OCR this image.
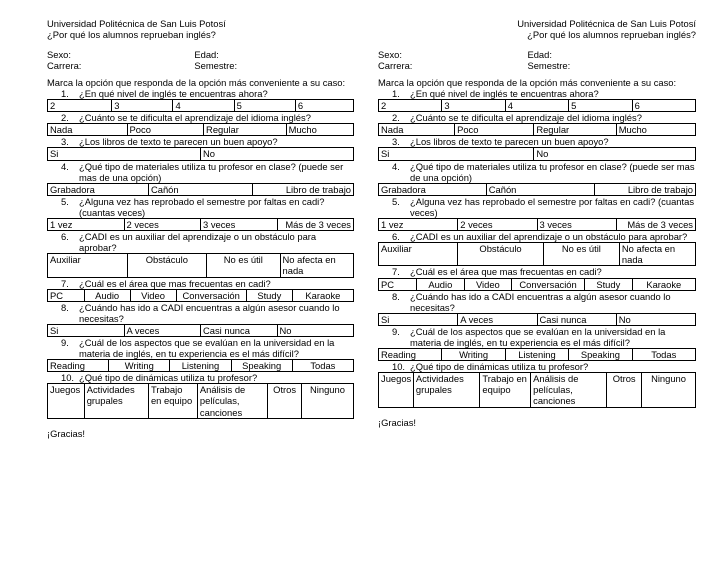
Universidad Politécnica de San Luis Potosí
¿Por qué los alumnos reprueban inglés?
Sexo:	Edad:
Carrera:	Semestre:
Marca la opción que responda de la opción más conveniente a su caso:
1.	¿En qué nivel de inglés te encuentras ahora?
2	3	4	5	6
2.	¿Cuánto se te dificulta el aprendizaje del idioma inglés?
Nada	Poco	Regular	Mucho
3.	¿Los libros de texto te parecen un buen apoyo?
Si	No
4.	¿Qué tipo de materiales utiliza tu profesor en clase? (puede ser mas de una opción)
Grabadora	Cañón	Libro de trabajo
5.	¿Alguna vez has reprobado el semestre por faltas en cadi? (cuantas veces)
1 vez	2 veces	3 veces	Más de 3 veces
6.	¿CADI es un auxiliar del aprendizaje o un obstáculo para aprobar?
Auxiliar	Obstáculo	No es útil	No afecta en nada
7.	¿Cuál es el área que mas frecuentas en cadi?
PC	Audio	Video	Conversación	Study	Karaoke
8.	¿Cuándo has ido a CADI encuentras a algún asesor cuando lo necesitas?
Si	A veces	Casi nunca	No
9.	¿Cuál de los aspectos que se evalúan en la universidad en la materia de inglés, en tu experiencia es el más difícil?
Reading	Writing	Listening	Speaking	Todas
10. ¿Qué tipo de dinámicas utiliza tu profesor?
Juegos	Actividades grupales	Trabajo en equipo	Análisis de películas, canciones	Otros	Ninguno
¡Gracias!
Universidad Politécnica de San Luis Potosí
¿Por qué los alumnos reprueban inglés?
Sexo:	Edad:
Carrera:	Semestre:
Marca la opción que responda de la opción más conveniente a su caso:
1.	¿En qué nivel de inglés te encuentras ahora?
2	3	4	5	6
2.	¿Cuánto se te dificulta el aprendizaje del idioma inglés?
Nada	Poco	Regular	Mucho
3.	¿Los libros de texto te parecen un buen apoyo?
Si	No
4.	¿Qué tipo de materiales utiliza tu profesor en clase? (puede ser mas de una opción)
Grabadora	Cañón	Libro de trabajo
5.	¿Alguna vez has reprobado el semestre por faltas en cadi? (cuantas veces)
1 vez	2 veces	3 veces	Más de 3 veces
6.	¿CADI es un auxiliar del aprendizaje o un obstáculo para aprobar?
Auxiliar	Obstáculo	No es útil	No afecta en nada
7.	¿Cuál es el área que mas frecuentas en cadi?
PC	Audio	Video	Conversación	Study	Karaoke
8.	¿Cuándo has ido a CADI encuentras a algún asesor cuando lo necesitas?
Si	A veces	Casi nunca	No
9.	¿Cuál de los aspectos que se evalúan en la universidad en la materia de inglés, en tu experiencia es el más difícil?
Reading	Writing	Listening	Speaking	Todas
10. ¿Qué tipo de dinámicas utiliza tu profesor?
Juegos	Actividades grupales	Trabajo en equipo	Análisis de películas, canciones	Otros	Ninguno
¡Gracias!
